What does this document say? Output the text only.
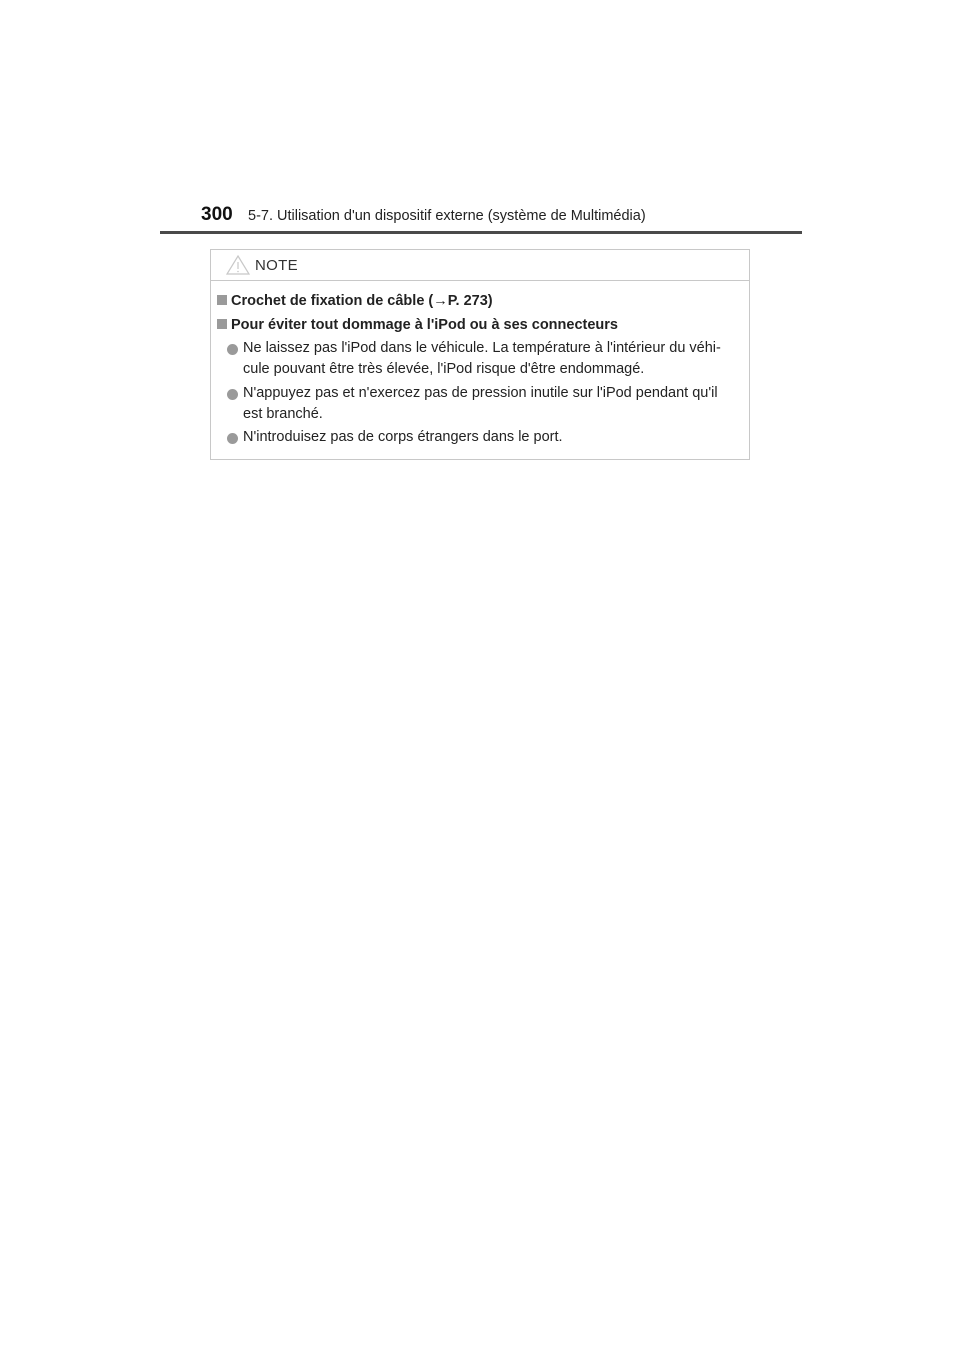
300 5-7. Utilisation d'un dispositif externe (système de Multimédia)
NOTE
Crochet de fixation de câble (→P. 273)
Pour éviter tout dommage à l'iPod ou à ses connecteurs
Ne laissez pas l'iPod dans le véhicule. La température à l'intérieur du véhi-
cule pouvant être très élevée, l'iPod risque d'être endommagé.
N'appuyez pas et n'exercez pas de pression inutile sur l'iPod pendant qu'il
est branché.
N'introduisez pas de corps étrangers dans le port.
